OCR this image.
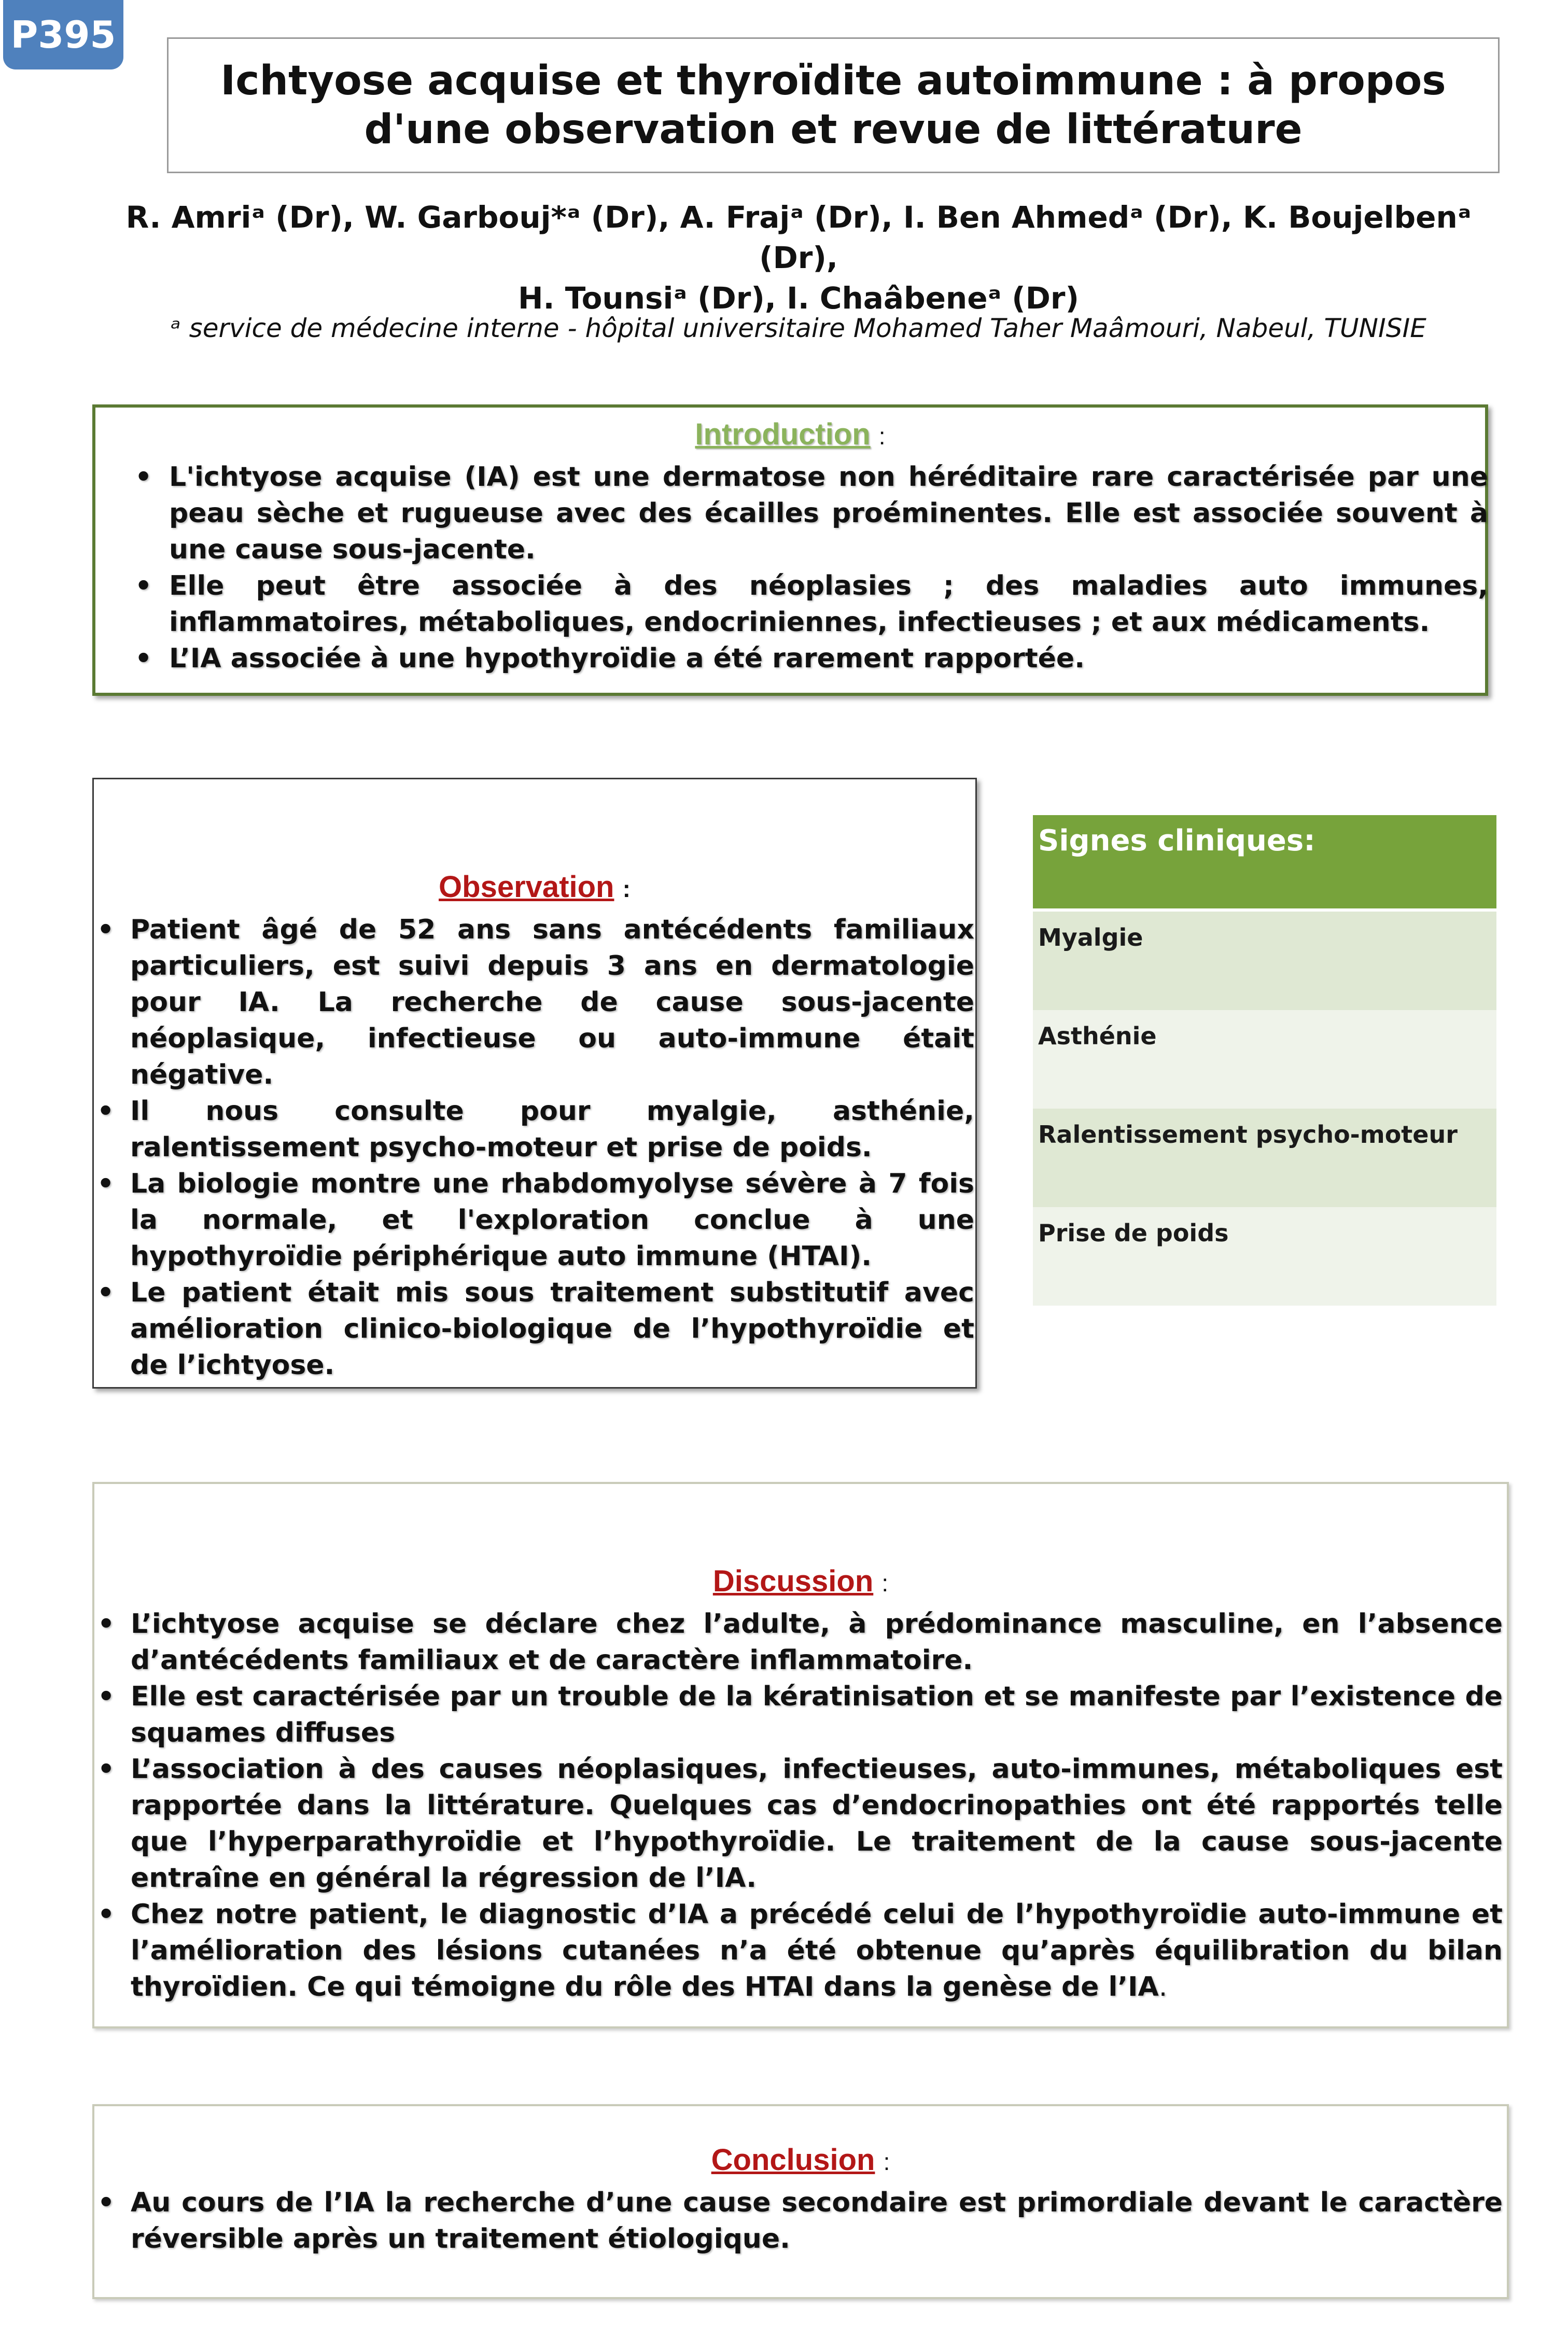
P395
Ichtyose acquise et thyroïdite autoimmune : à propos d'une observation et revue de littérature
R. Amriᵃ (Dr), W. Garbouj*ᵃ (Dr), A. Frajᵃ (Dr), I. Ben Ahmedᵃ (Dr), K. Boujelbenᵃ (Dr),
H. Tounsiᵃ (Dr), I. Chaâbeneᵃ (Dr)
ᵃ service de médecine interne - hôpital universitaire Mohamed Taher Maâmouri, Nabeul, TUNISIE
Introduction :
• L'ichtyose acquise (IA) est une dermatose non héréditaire rare caractérisée par une peau sèche et rugueuse avec des écailles proéminentes. Elle est associée souvent à une cause sous-jacente.
• Elle peut être associée à des néoplasies ; des maladies auto immunes, inflammatoires, métaboliques, endocriniennes, infectieuses ; et aux médicaments.
• L’IA associée à une hypothyroïdie a été rarement rapportée.
Observation :
• Patient âgé de 52 ans sans antécédents familiaux particuliers, est suivi depuis 3 ans en dermatologie pour IA. La recherche de cause sous-jacente néoplasique, infectieuse ou auto-immune était négative.
• Il nous consulte pour myalgie, asthénie, ralentissement psycho-moteur et prise de poids.
• La biologie montre une rhabdomyolyse sévère à 7 fois la normale, et l'exploration conclue à une hypothyroïdie périphérique auto immune (HTAI).
• Le patient était mis sous traitement substitutif avec amélioration clinico-biologique de l’hypothyroïdie et de l’ichtyose.
Signes cliniques:
Myalgie
Asthénie
Ralentissement psycho-moteur
Prise de poids
Discussion :
• L’ichtyose acquise se déclare chez l’adulte, à prédominance masculine, en l’absence d’antécédents familiaux et de caractère inflammatoire.
• Elle est caractérisée par un trouble de la kératinisation et se manifeste par l’existence de squames diffuses
• L’association à des causes néoplasiques, infectieuses, auto-immunes, métaboliques est rapportée dans la littérature. Quelques cas d’endocrinopathies ont été rapportés telle que l’hyperparathyroïdie et l’hypothyroïdie. Le traitement de la cause sous-jacente entraîne en général la régression de l’IA.
• Chez notre patient, le diagnostic d’IA a précédé celui de l’hypothyroïdie auto-immune et l’amélioration des lésions cutanées n’a été obtenue qu’après équilibration du bilan thyroïdien. Ce qui témoigne du rôle des HTAI dans la genèse de l’IA.
Conclusion :
• Au cours de l’IA la recherche d’une cause secondaire est primordiale devant le caractère réversible après un traitement étiologique.
